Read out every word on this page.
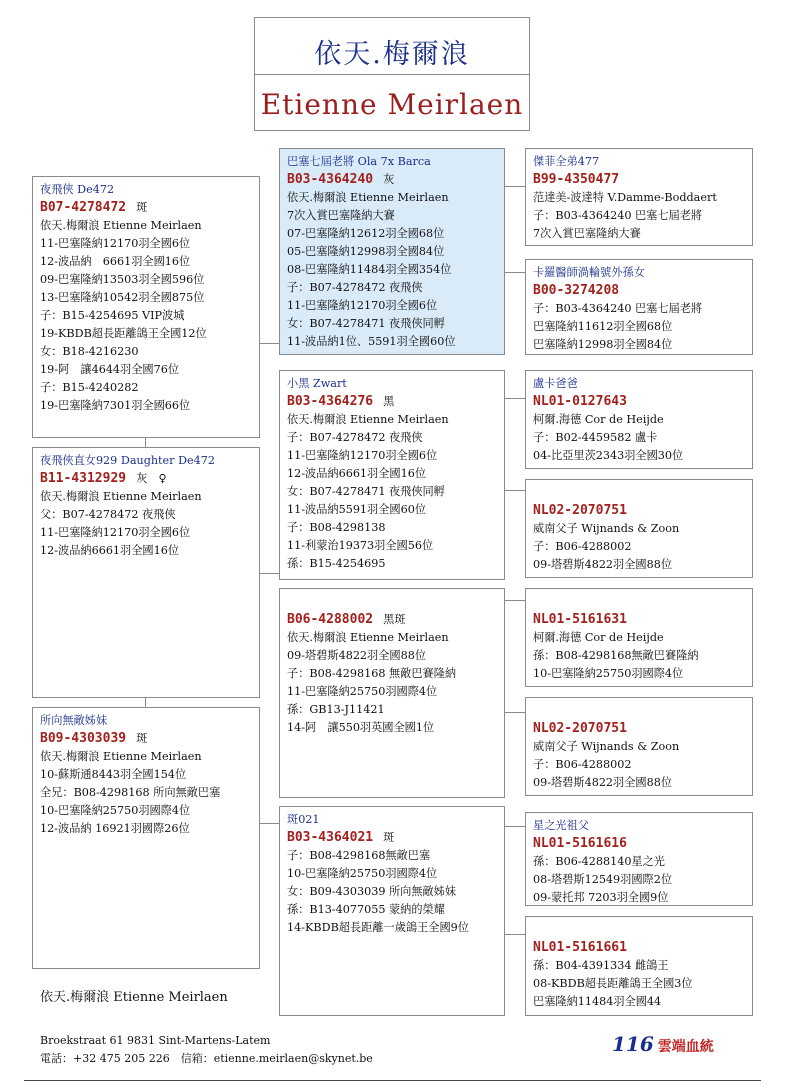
依天.梅爾浪
Etienne Meirlaen
夜飛俠 De472
B07-4278472 斑
依天.梅爾浪 Etienne Meirlaen
11-巴塞隆納12170羽全國6位
12-波品納　6661羽全國16位
09-巴塞隆納13503羽全國596位
13-巴塞隆納10542羽全國875位
子：B15-4254695 VIP波城
19-KBDB超長距離鴿王全國12位
女：B18-4216230
19-阿　讓4644羽全國76位
子：B15-4240282
19-巴塞隆納7301羽全國66位
夜飛俠直女929 Daughter De472
B11-4312929 灰　♀
依天.梅爾浪 Etienne Meirlaen
父：B07-4278472 夜飛俠
11-巴塞隆納12170羽全國6位
12-波品納6661羽全國16位
所向無敵姊妹
B09-4303039 斑
依天.梅爾浪 Etienne Meirlaen
10-蘇斯通8443羽全國154位
全兄：B08-4298168 所向無敵巴塞
10-巴塞隆納25750羽國際4位
12-波品納 16921羽國際26位
巴塞七屆老將 Ola 7x Barca
B03-4364240 灰
依天.梅爾浪 Etienne Meirlaen
7次入賞巴塞隆納大賽
07-巴塞隆納12612羽全國68位
05-巴塞隆納12998羽全國84位
08-巴塞隆納11484羽全國354位
子：B07-4278472 夜飛俠
11-巴塞隆納12170羽全國6位
女：B07-4278471 夜飛俠同孵
11-波品納1位、5591羽全國60位
小黑 Zwart
B03-4364276 黑
依天.梅爾浪 Etienne Meirlaen
子：B07-4278472 夜飛俠
11-巴塞隆納12170羽全國6位
12-波品納6661羽全國16位
女：B07-4278471 夜飛俠同孵
11-波品納5591羽全國60位
子：B08-4298138
11-利蒙治19373羽全國56位
孫：B15-4254695

B06-4288002 黑斑
依天.梅爾浪 Etienne Meirlaen
09-塔碧斯4822羽全國88位
子：B08-4298168 無敵巴賽隆納
11-巴塞隆納25750羽國際4位
孫：GB13-J11421
14-阿　讓550羽英國全國1位
斑021
B03-4364021 斑
子：B08-4298168無敵巴塞
10-巴塞隆納25750羽國際4位
女：B09-4303039 所向無敵姊妹
孫：B13-4077055 蒙納的榮耀
14-KBDB超長距離一歲鴿王全國9位
傑菲全弟477
B99-4350477
范達美-波達特 V.Damme-Boddaert
子：B03-4364240 巴塞七屆老將
7次入賞巴塞隆納大賽
卡羅醫師渦輪號外孫女
B00-3274208
子：B03-4364240 巴塞七屆老將
巴塞隆納11612羽全國68位
巴塞隆納12998羽全國84位
盧卡爸爸
NL01-0127643
柯爾.海德 Cor de Heijde
子：B02-4459582 盧卡
04-比亞里茨2343羽全國30位

NL02-2070751
威南父子 Wijnands & Zoon
子：B06-4288002
09-塔碧斯4822羽全國88位

NL01-5161631
柯爾.海德 Cor de Heijde
孫：B08-4298168無敵巴賽隆納
10-巴塞隆納25750羽國際4位

NL02-2070751
威南父子 Wijnands & Zoon
子：B06-4288002
09-塔碧斯4822羽全國88位
星之光祖父
NL01-5161616
孫：B06-4288140星之光
08-塔碧斯12549羽國際2位
09-蒙托邦 7203羽全國9位

NL01-5161661
孫：B04-4391334 雌鴿王
08-KBDB超長距離鴿王全國3位
巴塞隆納11484羽全國44
依天.梅爾浪 Etienne Meirlaen
Broekstraat 61 9831 Sint-Martens-Latem
電話：+32 475 205 226　信箱：etienne.meirlaen@skynet.be
116 雲端血統
